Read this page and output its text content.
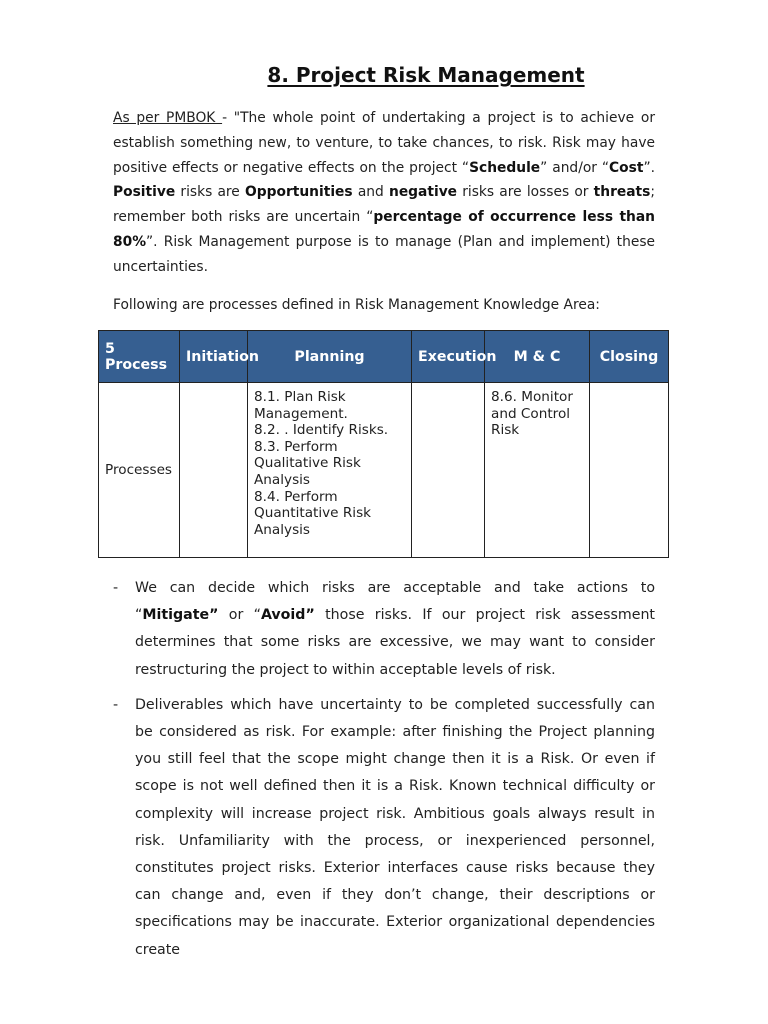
8. Project Risk Management
As per PMBOK - "The whole point of undertaking a project is to achieve or establish something new, to venture, to take chances, to risk. Risk may have positive effects or negative effects on the project “Schedule” and/or “Cost”. Positive risks are Opportunities and negative risks are losses or threats; remember both risks are uncertain “percentage of occurrence less than 80%”. Risk Management purpose is to manage (Plan and implement) these uncertainties.
Following are processes defined in Risk Management Knowledge Area:
5 Process	Initiation	Planning	Execution	M & C	Closing
Processes		8.1. Plan Risk Management.
8.2. . Identify Risks.
8.3. Perform Qualitative Risk Analysis
8.4. Perform Quantitative Risk Analysis		8.6. Monitor and Control Risk	

- We can decide which risks are acceptable and take actions to “Mitigate” or “Avoid” those risks. If our project risk assessment determines that some risks are excessive, we may want to consider restructuring the project to within acceptable levels of risk.
- Deliverables which have uncertainty to be completed successfully can be considered as risk. For example: after finishing the Project planning you still feel that the scope might change then it is a Risk. Or even if scope is not well defined then it is a Risk. Known technical difficulty or complexity will increase project risk. Ambitious goals always result in risk. Unfamiliarity with the process, or inexperienced personnel, constitutes project risks. Exterior interfaces cause risks because they can change and, even if they don’t change, their descriptions or specifications may be inaccurate. Exterior organizational dependencies create
